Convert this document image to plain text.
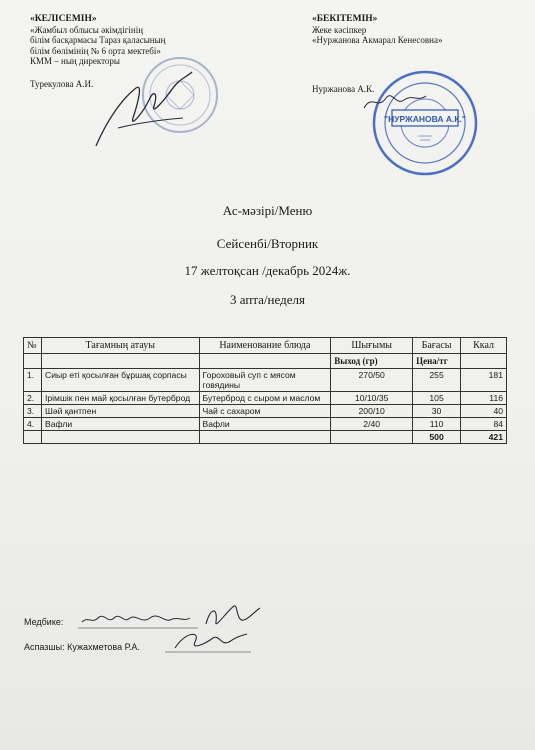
«КЕЛІСЕМІН»
«Жамбыл облысы әкімдігінің
білім басқармасы Тараз қаласының
білім бөлімінің № 6 орта мектебі»
КММ – ның директоры
Турекулова А.И.
«БЕКІТЕМІН»
Жеке кәсіпкер
«Нуржанова Акмарал Кенесовна»
Нуржанова А.К.
"НУРЖАНОВА А.К."
Ас-мәзірі/Меню
Сейсенбі/Вторник
17 желтоқсан /декабрь 2024ж.
3 апта/неделя
№	Тағамның атауы	Наименование блюда	Шығымы	Бағасы	Ккал
			Выход (гр)	Цена/тг	
1.	Сиыр еті қосылған бұршақ сорпасы	Гороховый суп с мясом говядины	270/50	255	181
2.	Ірімшік пен май қосылған бутерброд	Бутерброд с сыром и маслом	10/10/35	105	116
3.	Шәй қантпен	Чай с сахаром	200/10	30	40
4.	Вафли	Вафли	2/40	110	84
				500	421
Медбике:
Аспазшы: Кужахметова Р.А.
